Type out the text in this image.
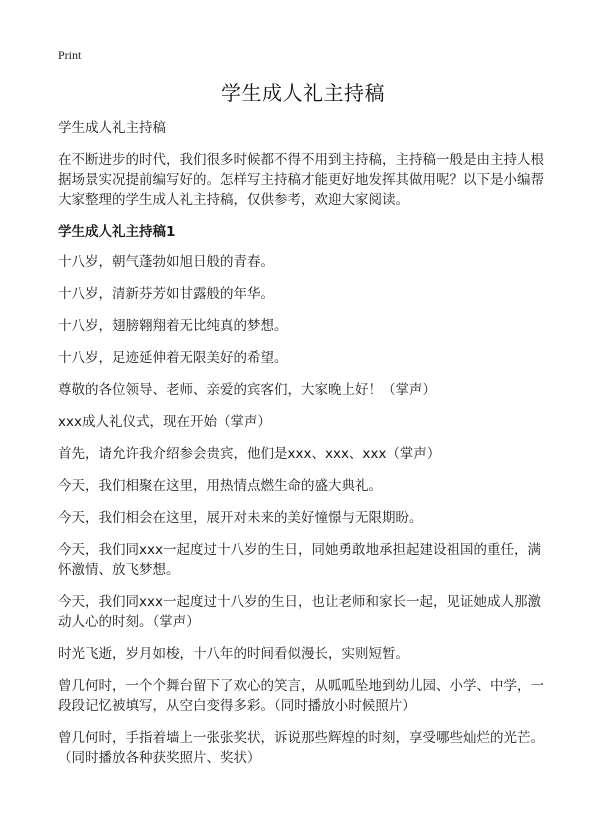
Print
学生成人礼主持稿

学生成人礼主持稿

在不断进步的时代，我们很多时候都不得不用到主持稿，主持稿一般是由主持人根据场景实况提前编写好的。怎样写主持稿才能更好地发挥其做用呢？以下是小编帮大家整理的学生成人礼主持稿，仅供参考，欢迎大家阅读。

学生成人礼主持稿1

十八岁，朝气蓬勃如旭日般的青春。

十八岁，清新芬芳如甘露般的年华。

十八岁，翅膀翱翔着无比纯真的梦想。

十八岁，足迹延伸着无限美好的希望。

尊敬的各位领导、老师、亲爱的宾客们，大家晚上好！（掌声）

xxx成人礼仪式，现在开始（掌声）

首先，请允许我介绍参会贵宾，他们是xxx、xxx、xxx（掌声）

今天，我们相聚在这里，用热情点燃生命的盛大典礼。

今天，我们相会在这里，展开对未来的美好憧憬与无限期盼。

今天，我们同xxx一起度过十八岁的生日，同她勇敢地承担起建设祖国的重任，满怀激情、放飞梦想。

今天，我们同xxx一起度过十八岁的生日，也让老师和家长一起，见证她成人那激动人心的时刻。（掌声）

时光飞逝，岁月如梭，十八年的时间看似漫长，实则短暂。

曾几何时，一个个舞台留下了欢心的笑言，从呱呱坠地到幼儿园、小学、中学，一段段记忆被填写，从空白变得多彩。（同时播放小时候照片）

曾几何时，手指着墙上一张张奖状，诉说那些辉煌的时刻，享受哪些灿烂的光芒。（同时播放各种获奖照片、奖状）
